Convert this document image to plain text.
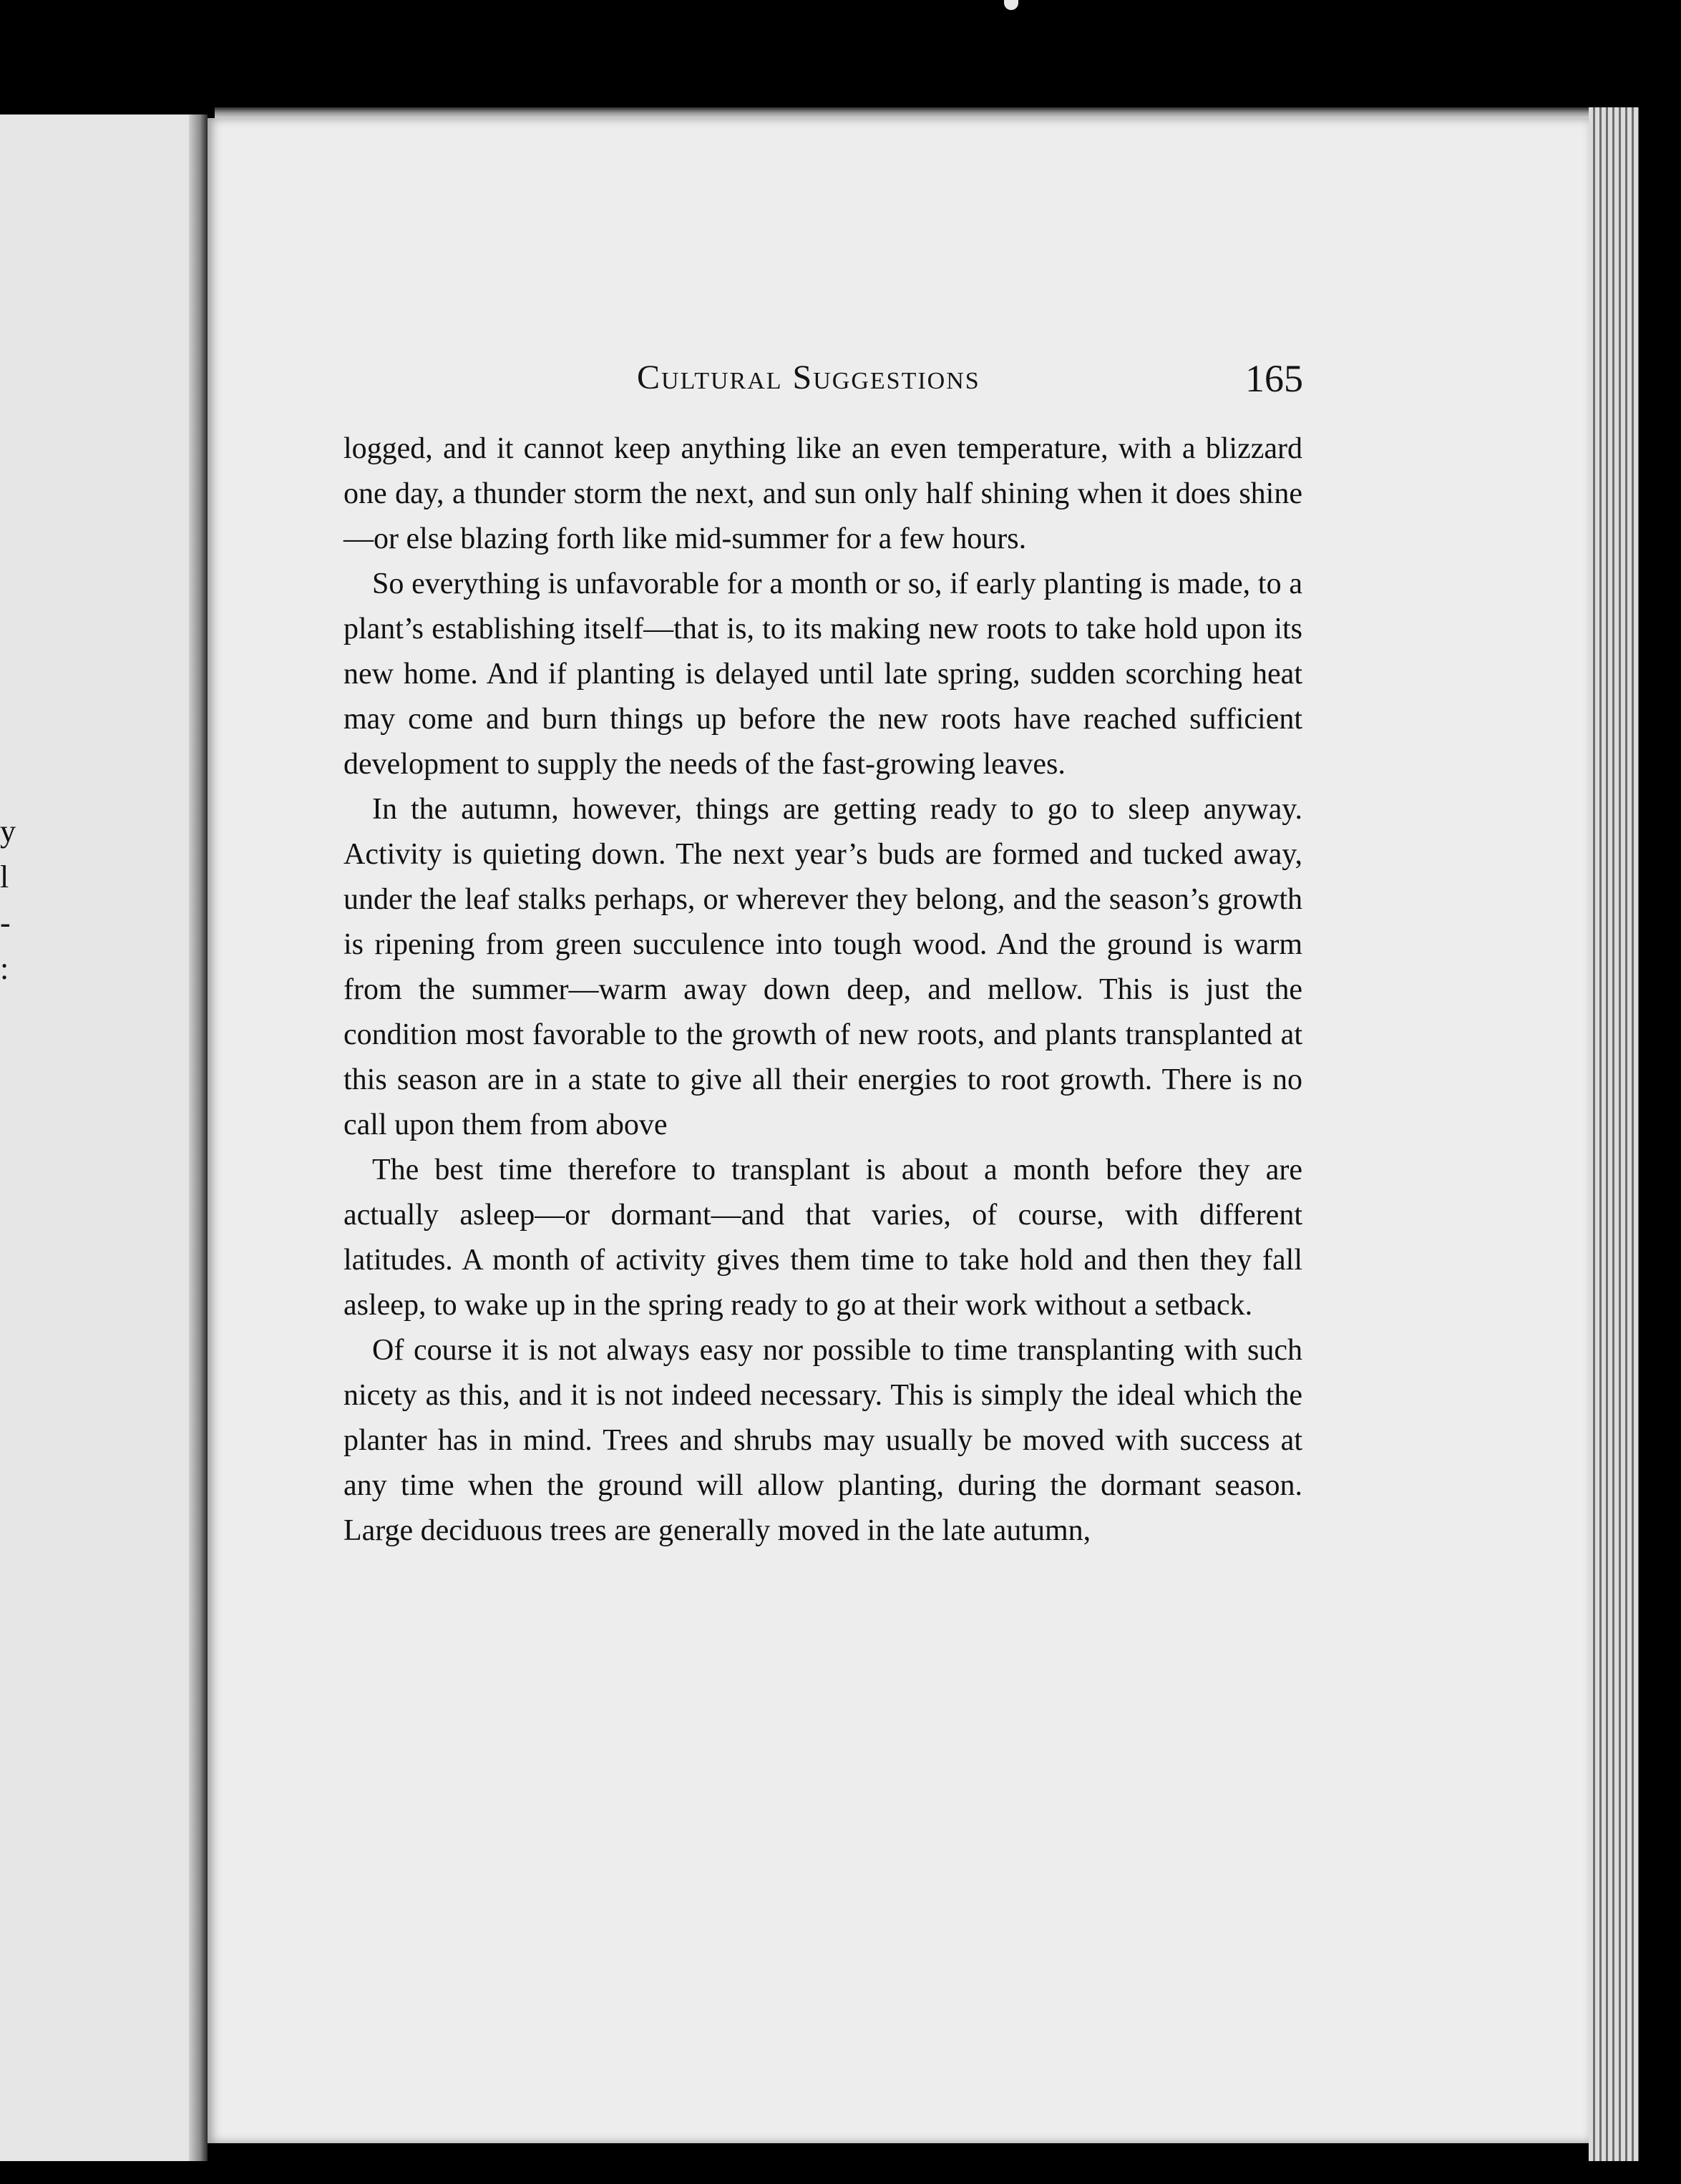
y
l
-
:
Cultural Suggestions	165

logged, and it cannot keep anything like an even temperature, with a blizzard one day, a thunder storm the next, and sun only half shining when it does shine—or else blazing forth like mid-summer for a few hours.

So everything is unfavorable for a month or so, if early planting is made, to a plant’s establishing itself—that is, to its making new roots to take hold upon its new home. And if planting is delayed until late spring, sudden scorching heat may come and burn things up before the new roots have reached sufficient development to supply the needs of the fast-growing leaves.

In the autumn, however, things are getting ready to go to sleep anyway. Activity is quieting down. The next year’s buds are formed and tucked away, under the leaf stalks perhaps, or wherever they belong, and the season’s growth is ripening from green succulence into tough wood. And the ground is warm from the summer—warm away down deep, and mellow. This is just the condition most favorable to the growth of new roots, and plants transplanted at this season are in a state to give all their energies to root growth. There is no call upon them from above

The best time therefore to transplant is about a month before they are actually asleep—or dormant—and that varies, of course, with different latitudes. A month of activity gives them time to take hold and then they fall asleep, to wake up in the spring ready to go at their work without a setback.

Of course it is not always easy nor possible to time transplanting with such nicety as this, and it is not indeed necessary. This is simply the ideal which the planter has in mind. Trees and shrubs may usually be moved with success at any time when the ground will allow planting, during the dormant season. Large deciduous trees are generally moved in the late autumn,
